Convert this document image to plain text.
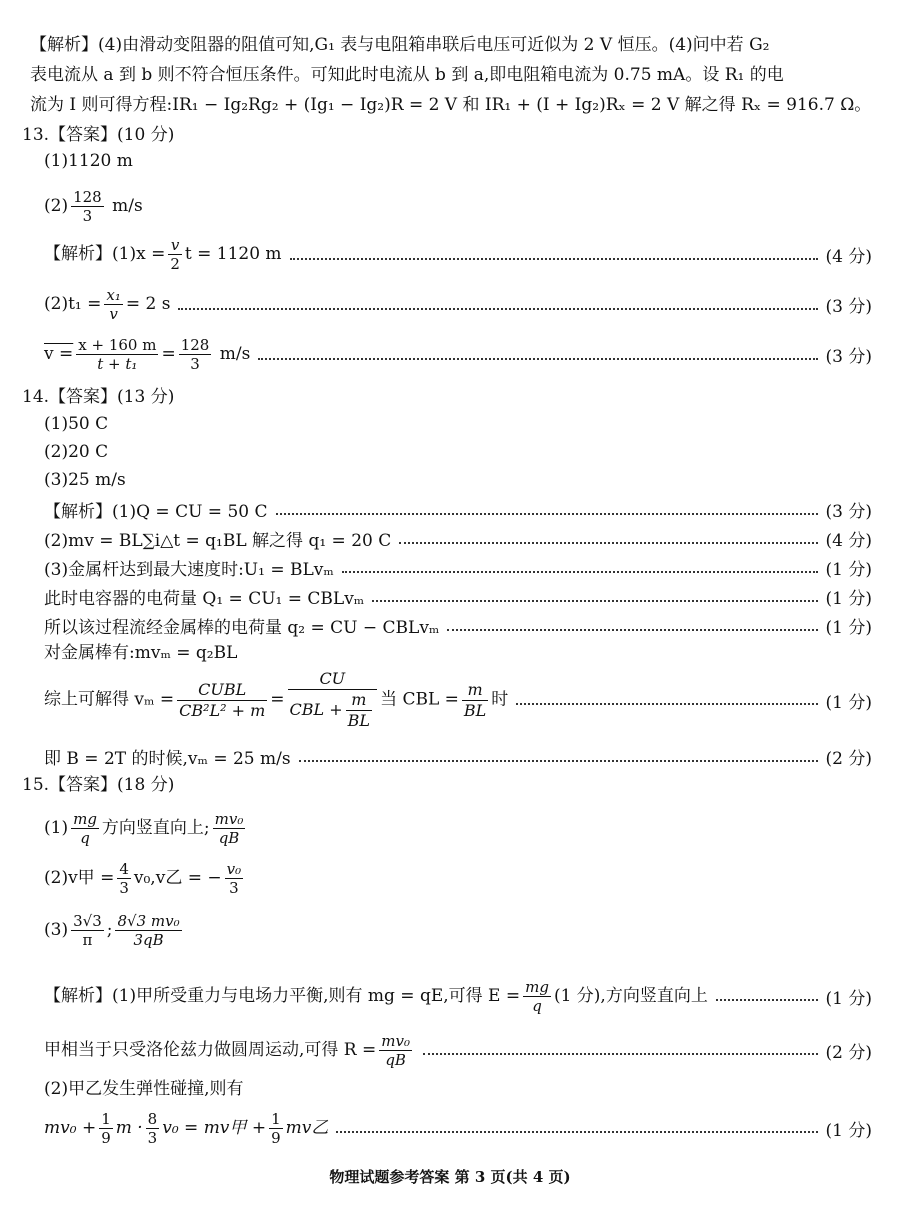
【解析】(4)由滑动变阻器的阻值可知,G₁ 表与电阻箱串联后电压可近似为 2 V 恒压。(4)问中若 G₂
表电流从 a 到 b 则不符合恒压条件。可知此时电流从 b 到 a,即电阻箱电流为 0.75 mA。设 R₁ 的电
流为 I 则可得方程:IR₁ − Ig₂Rg₂ + (Ig₁ − Ig₂)R = 2 V 和 IR₁ + (I + Ig₂)Rₓ = 2 V 解之得 Rₓ = 916.7 Ω。
13.【答案】(10 分)
(1)1120 m
$(2) \frac{128}{3} m/s$
【解析】$(1)x = \frac{v}{2}$ t = 1120 m	(4 分)
$(2)t_1 = \frac{\text{x₁}}{v} = 2$ s	(3 分)
$v = \frac{x + 160 m}{\text{t + t₁}} = \frac{128}{3} m/s$	(3 分)
14.【答案】(13 分)
(1)50 C
(2)20 C
(3)25 m/s
【解析】(1)Q = CU = 50 C	(3 分)
(2)mv = BL∑i△t = q₁BL 解之得 q₁ = 20 C	(4 分)
(3)金属杆达到最大速度时:U₁ = BLvₘ	(1 分)
此时电容器的电荷量 Q₁ = CU₁ = CBLvₘ	(1 分)
所以该过程流经金属棒的电荷量 q₂ = CU − CBLvₘ	(1 分)
对金属棒有:mvₘ = q₂BL
综上可解得 $v_m = \frac{\text{CUBL}}{\text{CB²L² + m}} = \frac{CU}{CBL + \frac{m}{BL}}$ 当 CBL = $\frac{m}{BL}$ 时	(1 分)
即 B = 2T 的时候,vₘ = 25 m/s	(2 分)
15.【答案】(18 分)
$(1) \frac{mg}{q}$ 方向竖直向上; $\frac{\text{mv₀}}{qB}$
(2)v甲 = $\frac{4}{3} v_0,v$乙 = − $\frac{\text{v₀}}{3}$
$(3) \frac{3√3}{\pi}$ ; $\frac{\text{8√3 mv₀}}{3qB}$
【解析】(1)甲所受重力与电场力平衡,则有 mg = qE,可得 $E = \frac{mg}{q} (1$ 分),方向竖直向上	(1 分)
甲相当于只受洛伦兹力做圆周运动,可得 $R = \frac{\text{mv₀}}{qB}$	(2 分)
(2)甲乙发生弹性碰撞,则有
$mv_0 + \frac{1}{9}$ $m \cdot \frac{8}{3} v_0$ = mv甲 + $\frac{1}{9}$ mv乙	(1 分)
物理试题参考答案 第 3 页(共 4 页)
